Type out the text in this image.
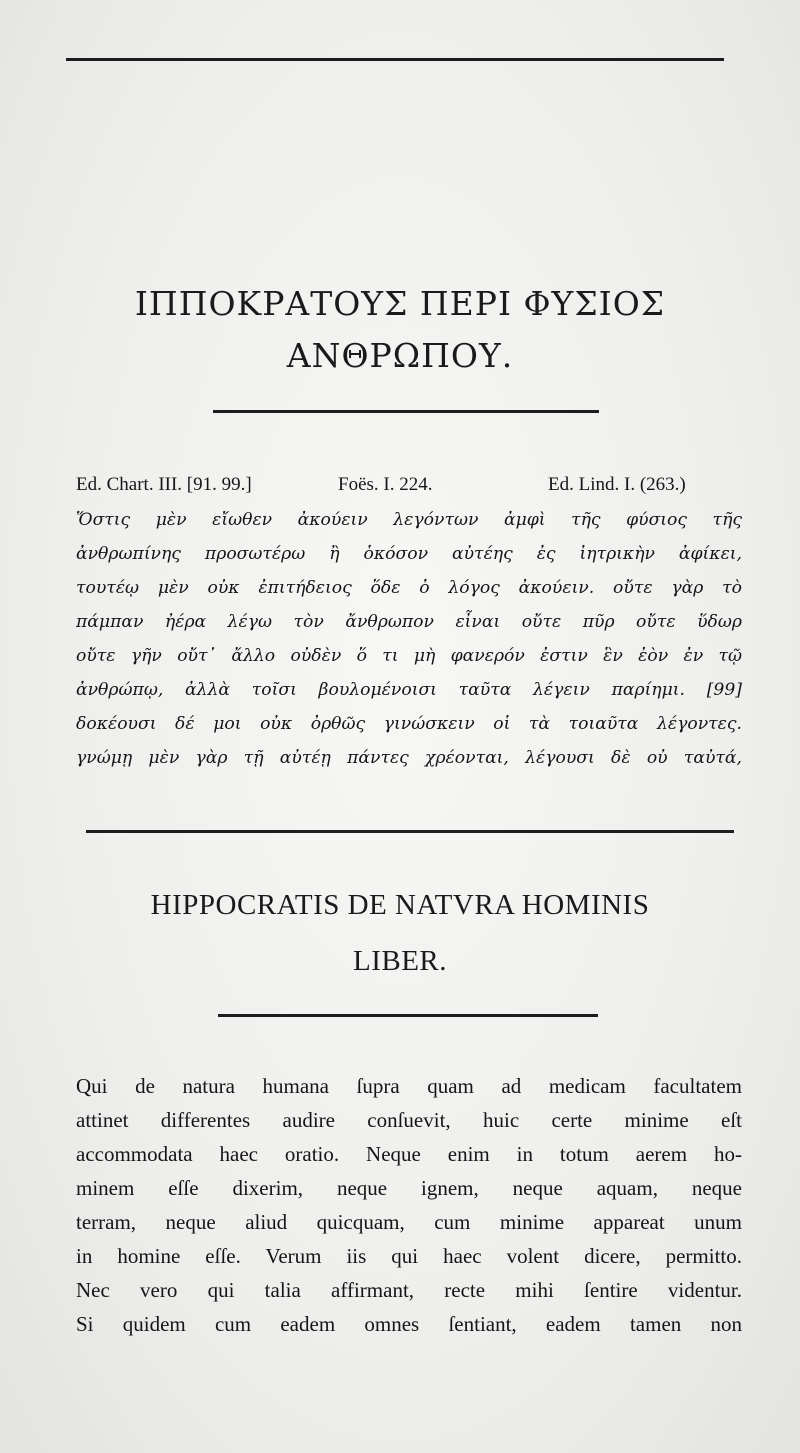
ΙΠΠΟΚΡΑΤΟΥΣ ΠΕΡΙ ΦΥΣΙΟΣ
ΑΝΘΡΩΠΟΥ.
Ed. Chart. III. [91. 99.]	Foës. I. 224.	Ed. Lind. I. (263.)
Ὅστις μὲν εἴωθεν ἀκούειν λεγόντων ἀμφὶ τῆς φύσιος τῆς
ἀνθρωπίνης προσωτέρω ἢ ὁκόσον αὐτέης ἐς ἰητρικὴν ἀφίκει,
τουτέῳ μὲν οὐκ ἐπιτήδειος ὅδε ὁ λόγος ἀκούειν. οὔτε γὰρ τὸ
πάμπαν ἠέρα λέγω τὸν ἄνθρωπον εἶναι οὔτε πῦρ οὔτε ὕδωρ
οὔτε γῆν οὔτ᾽ ἄλλο οὐδὲν ὅ τι μὴ φανερόν ἐστιν ἓν ἐὸν ἐν τῷ
ἀνθρώπῳ, ἀλλὰ τοῖσι βουλομένοισι ταῦτα λέγειν παρίημι. [99]
δοκέουσι δέ μοι οὐκ ὀρθῶς γινώσκειν οἱ τὰ τοιαῦτα λέγοντες.
γνώμῃ μὲν γὰρ τῇ αὐτέῃ πάντες χρέονται, λέγουσι δὲ οὐ ταὐτά,
HIPPOCRATIS DE NATVRA HOMINIS
LIBER.
Qui de natura humana ſupra quam ad medicam facultatem
attinet differentes audire conſuevit, huic certe minime eſt
accommodata haec oratio. Neque enim in totum aerem ho-
minem eſſe dixerim, neque ignem, neque aquam, neque
terram, neque aliud quicquam, cum minime appareat unum
in homine eſſe. Verum iis qui haec volent dicere, permitto.
Nec vero qui talia affirmant, recte mihi ſentire videntur.
Si quidem cum eadem omnes ſentiant, eadem tamen non
